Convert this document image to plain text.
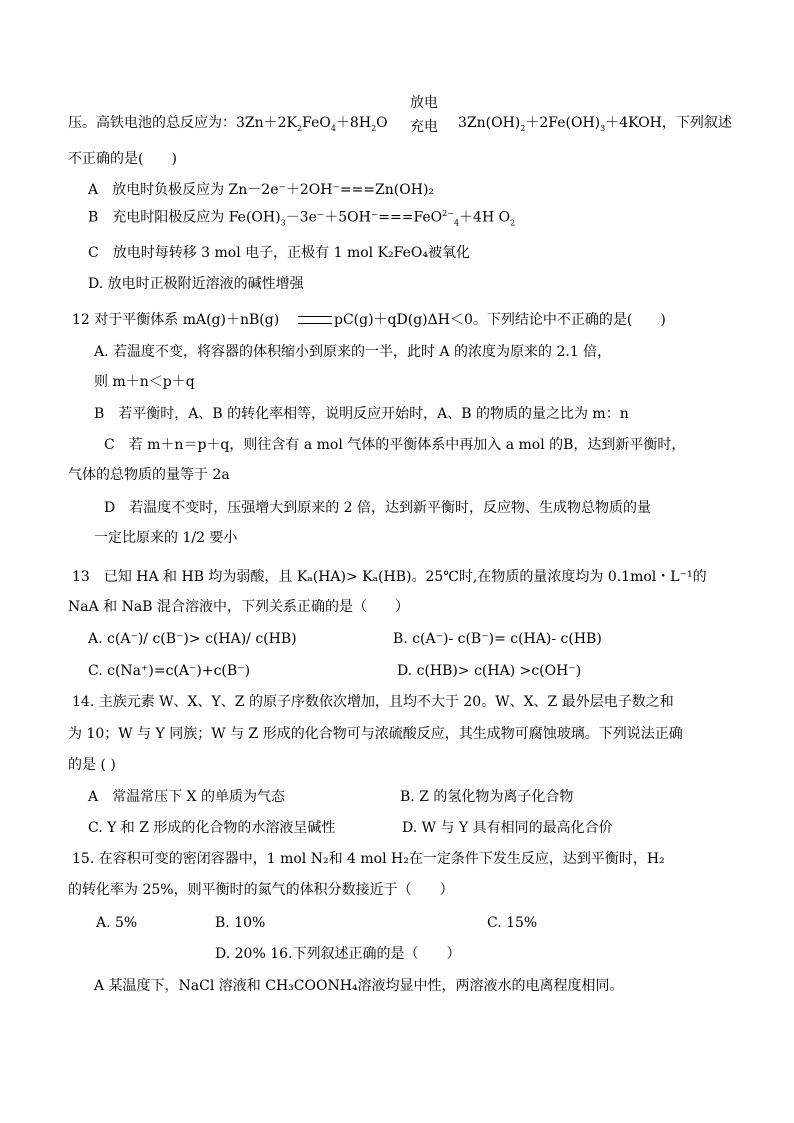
放电
压。高铁电池的总反应为：$3Zn+2K_2FeO_4+8H_2O$ 充电 $3Zn(OH)_2+2Fe(OH)_3+4KOH$，下列叙述
不正确的是(　　)
A　放电时负极反应为 Zn－2e⁻＋2OH⁻===Zn(OH)₂
B　充电时阳极反应为 $Fe(OH)_3-3e^-+5OH^-===FeO^{2-}_4+4H$ $O_2$
C　放电时每转移 3 mol 电子，正极有 1 mol K₂FeO₄被氧化
D. 放电时正极附近溶液的碱性增强
12 对于平衡体系 mA(g)＋nB(g)	pC(g)＋qD(g)ΔH＜0。下列结论中不正确的是(　　)
A. 若温度不变，将容器的体积缩小到原来的一半，此时 A 的浓度为原来的 2.1 倍，
则 m＋n＜p＋q
B　若平衡时，A、B 的转化率相等，说明反应开始时，A、B 的物质的量之比为 m：n
C　若 m＋n＝p＋q，则往含有 a mol 气体的平衡体系中再加入 a mol 的B，达到新平衡时，
气体的总物质的量等于 2a
D　若温度不变时，压强增大到原来的 2 倍，达到新平衡时，反应物、生成物总物质的量
一定比原来的 1/2 要小
13　已知 HA 和 HB 均为弱酸，且 Kₐ(HA)> Kₐ(HB)。25℃时,在物质的量浓度均为 0.1mol・L⁻¹的
NaA 和 NaB 混合溶液中，下列关系正确的是（　　）
A. c(A⁻)/ c(B⁻)> c(HA)/ c(HB)	B. c(A⁻)- c(B⁻)= c(HA)- c(HB)
C. c(Na⁺)=c(A⁻)+c(B⁻)	D. c(HB)> c(HA) >c(OH⁻)
14. 主族元素 W、X、Y、Z 的原子序数依次增加，且均不大于 20。W、X、Z 最外层电子数之和
为 10；W 与 Y 同族；W 与 Z 形成的化合物可与浓硫酸反应，其生成物可腐蚀玻璃。下列说法正确
的是 ( )
A　常温常压下 X 的单质为气态	B. Z 的氢化物为离子化合物
C. Y 和 Z 形成的化合物的水溶液呈碱性	D. W 与 Y 具有相同的最高化合价
15. 在容积可变的密闭容器中，1 mol N₂和 4 mol H₂在一定条件下发生反应，达到平衡时，H₂
的转化率为 25%，则平衡时的氮气的体积分数接近于（　　）
A. 5%	B. 10%	C. 15%
D. 20% 16.下列叙述正确的是（　　）
A 某温度下，NaCl 溶液和 CH₃COONH₄溶液均显中性，两溶液水的电离程度相同。
